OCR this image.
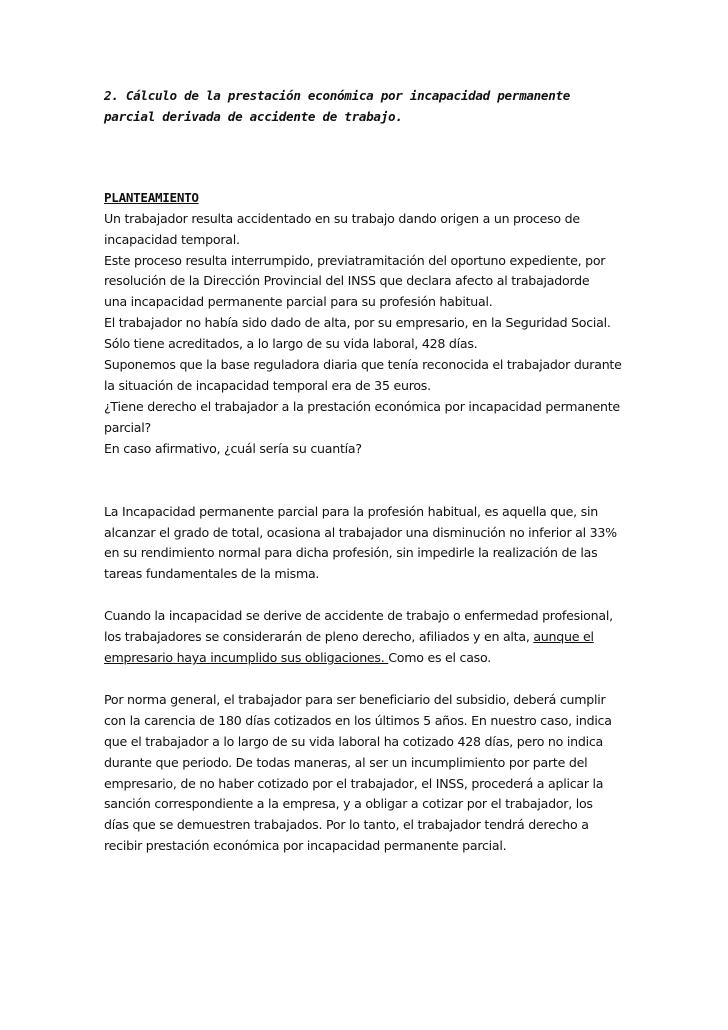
2. Cálculo de la prestación económica por incapacidad permanente
parcial derivada de accidente de trabajo.
PLANTEAMIENTO
Un trabajador resulta accidentado en su trabajo dando origen a un proceso de
incapacidad temporal.
Este proceso resulta interrumpido, previatramitación del oportuno expediente, por
resolución de la Dirección Provincial del INSS que declara afecto al trabajadorde
una incapacidad permanente parcial para su profesión habitual.
El trabajador no había sido dado de alta, por su empresario, en la Seguridad Social.
Sólo tiene acreditados, a lo largo de su vida laboral, 428 días.
Suponemos que la base reguladora diaria que tenía reconocida el trabajador durante
la situación de incapacidad temporal era de 35 euros.
¿Tiene derecho el trabajador a la prestación económica por incapacidad permanente
parcial?
En caso afirmativo, ¿cuál sería su cuantía?
La Incapacidad permanente parcial para la profesión habitual, es aquella que, sin
alcanzar el grado de total, ocasiona al trabajador una disminución no inferior al 33%
en su rendimiento normal para dicha profesión, sin impedirle la realización de las
tareas fundamentales de la misma.
Cuando la incapacidad se derive de accidente de trabajo o enfermedad profesional,
los trabajadores se considerarán de pleno derecho, afiliados y en alta, aunque el
empresario haya incumplido sus obligaciones. Como es el caso.
Por norma general, el trabajador para ser beneficiario del subsidio, deberá cumplir
con la carencia de 180 días cotizados en los últimos 5 años. En nuestro caso, indica
que el trabajador a lo largo de su vida laboral ha cotizado 428 días, pero no indica
durante que periodo. De todas maneras, al ser un incumplimiento por parte del
empresario, de no haber cotizado por el trabajador, el INSS, procederá a aplicar la
sanción correspondiente a la empresa, y a obligar a cotizar por el trabajador, los
días que se demuestren trabajados. Por lo tanto, el trabajador tendrá derecho a
recibir prestación económica por incapacidad permanente parcial.
